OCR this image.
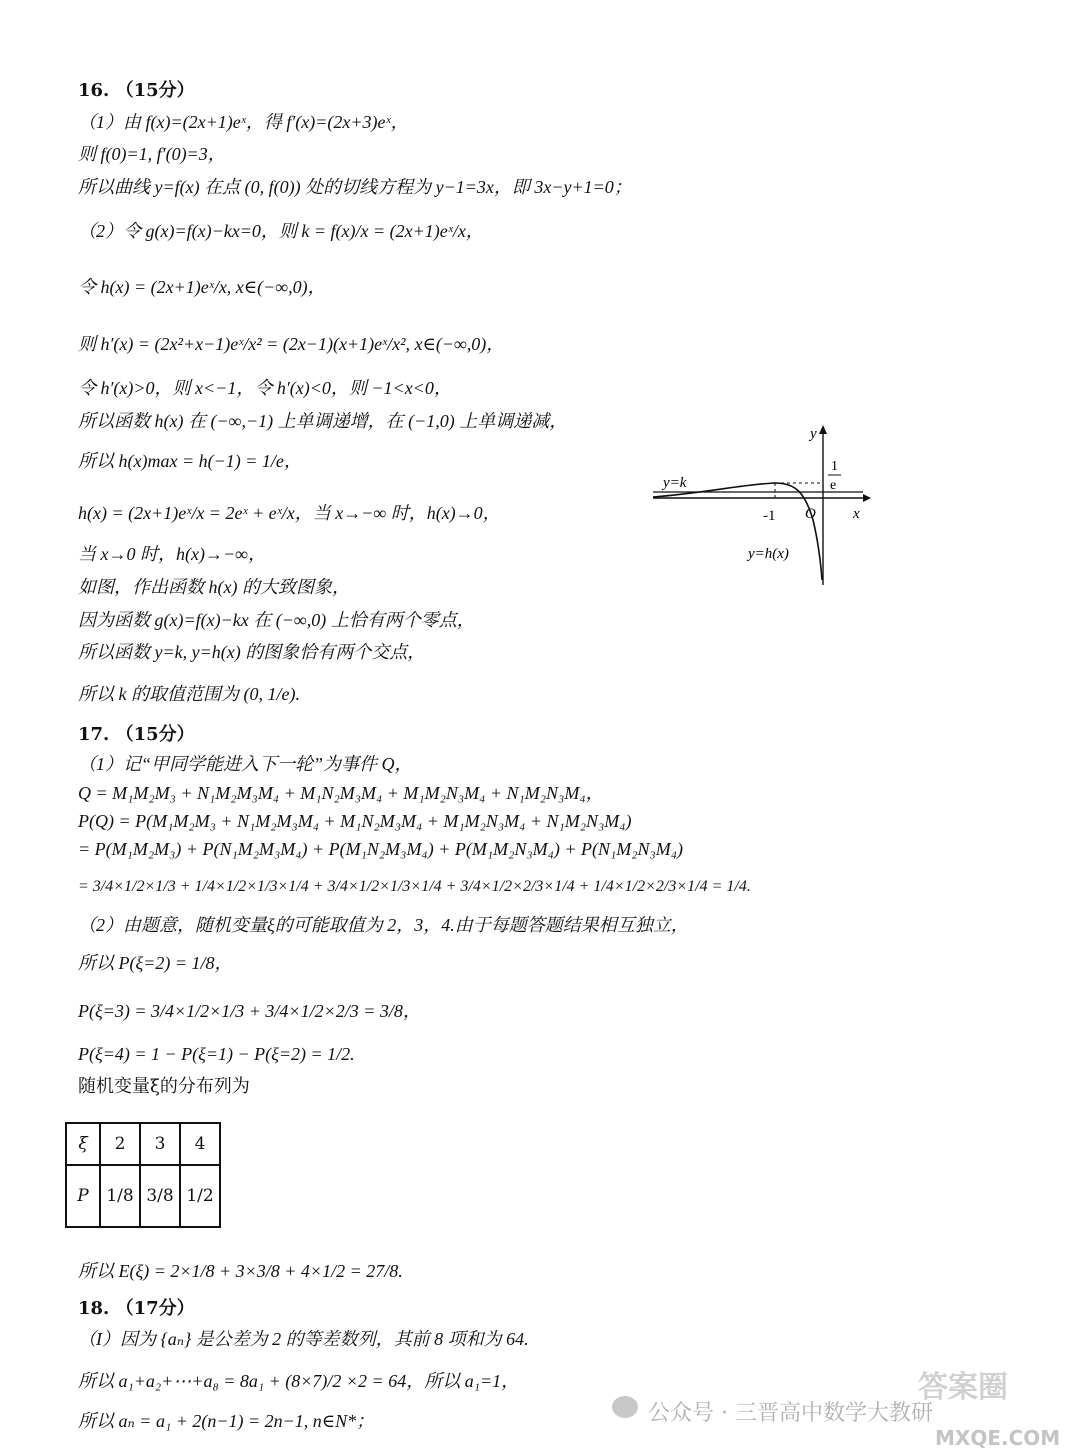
16. （15分）
（1）由 f(x)=(2x+1)eˣ，得 f′(x)=(2x+3)eˣ，
则 f(0)=1, f′(0)=3，
所以曲线 y=f(x) 在点 (0, f(0)) 处的切线方程为 y−1=3x，即 3x−y+1=0；
（2）令 g(x)=f(x)−kx=0，则 k = f(x)/x = (2x+1)eˣ/x，
令 h(x) = (2x+1)eˣ/x, x∈(−∞,0)，
则 h′(x) = (2x²+x−1)eˣ/x² = (2x−1)(x+1)eˣ/x², x∈(−∞,0)，
令 h′(x)>0，则 x<−1，令 h′(x)<0，则 −1<x<0，
所以函数 h(x) 在 (−∞,−1) 上单调递增，在 (−1,0) 上单调递减，
所以 h(x)max = h(−1) = 1/e，
h(x) = (2x+1)eˣ/x = 2eˣ + eˣ/x，当 x→−∞ 时，h(x)→0，
当 x→0 时，h(x)→−∞，
如图，作出函数 h(x) 的大致图象，
因为函数 g(x)=f(x)−kx 在 (−∞,0) 上恰有两个零点，
所以函数 y=k, y=h(x) 的图象恰有两个交点，
所以 k 的取值范围为 (0, 1/e).
y
x
O
y=k
y=h(x)
-1
1
e
17. （15分）
（1）记“甲同学能进入下一轮”为事件 Q，
Q = M₁M₂M₃ + N₁M₂M₃M₄ + M₁N₂M₃M₄ + M₁M₂N₃M₄ + N₁M₂N₃M₄，
P(Q) = P(M₁M₂M₃ + N₁M₂M₃M₄ + M₁N₂M₃M₄ + M₁M₂N₃M₄ + N₁M₂N₃M₄)
= P(M₁M₂M₃) + P(N₁M₂M₃M₄) + P(M₁N₂M₃M₄) + P(M₁M₂N₃M₄) + P(N₁M₂N₃M₄)
= 3/4×1/2×1/3 + 1/4×1/2×1/3×1/4 + 3/4×1/2×1/3×1/4 + 3/4×1/2×2/3×1/4 + 1/4×1/2×2/3×1/4 = 1/4.
（2）由题意，随机变量ξ的可能取值为 2，3，4.由于每题答题结果相互独立，
所以 P(ξ=2) = 1/8，
P(ξ=3) = 3/4×1/2×1/3 + 3/4×1/2×2/3 = 3/8，
P(ξ=4) = 1 − P(ξ=1) − P(ξ=2) = 1/2.
随机变量ξ的分布列为
ξ	2	3	4
P	1/8	3/8	1/2
所以 E(ξ) = 2×1/8 + 3×3/8 + 4×1/2 = 27/8.
18. （17分）
（I）因为 {aₙ} 是公差为 2 的等差数列，其前 8 项和为 64.
所以 a₁+a₂+⋯+a₈ = 8a₁ + (8×7)/2 ×2 = 64，所以 a₁=1，
所以 aₙ = a₁ + 2(n−1) = 2n−1, n∈N*；	公众号 · 三晋高中数学大教研
答案圈
MXQE.COM
